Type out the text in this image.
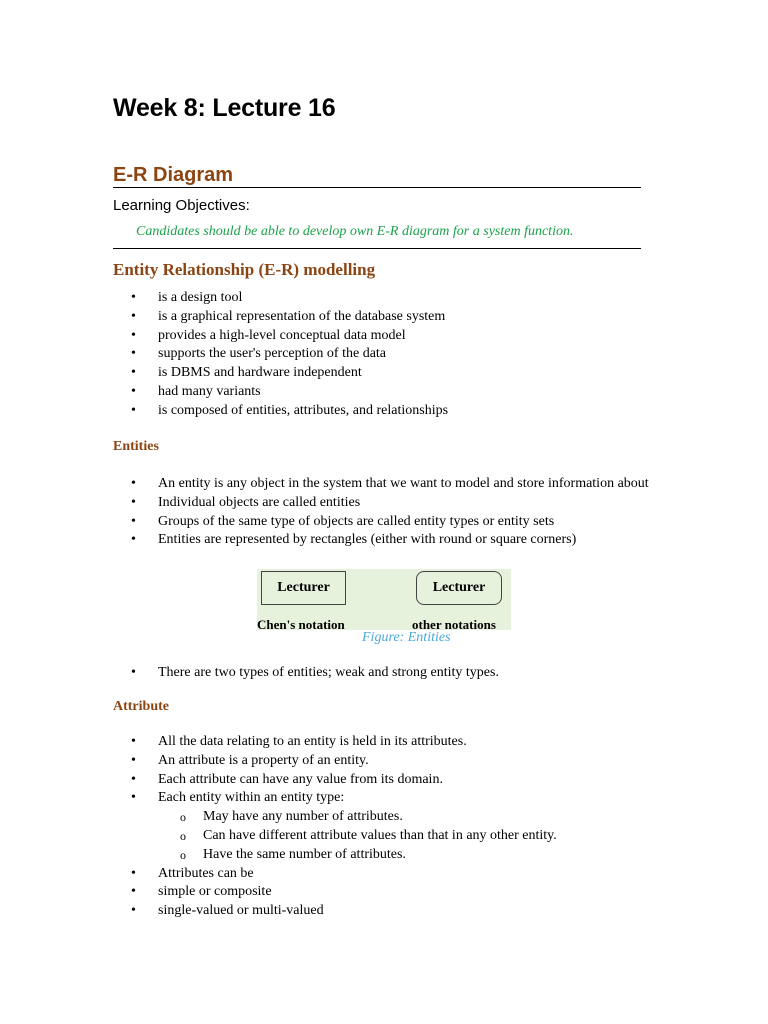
Week 8: Lecture 16
E-R Diagram
Learning Objectives:
Candidates should be able to develop own E-R diagram for a system function.
Entity Relationship (E-R) modelling
• is a design tool
• is a graphical representation of the database system
• provides a high-level conceptual data model
• supports the user's perception of the data
• is DBMS and hardware independent
• had many variants
• is composed of entities, attributes, and relationships
Entities
• An entity is any object in the system that we want to model and store information about
• Individual objects are called entities
• Groups of the same type of objects are called entity types or entity sets
• Entities are represented by rectangles (either with round or square corners)
Lecturer	Lecturer
Chen's notation	other notations
Figure: Entities
• There are two types of entities; weak and strong entity types.
Attribute
• All the data relating to an entity is held in its attributes.
• An attribute is a property of an entity.
• Each attribute can have any value from its domain.
• Each entity within an entity type:
o May have any number of attributes.
o Can have different attribute values than that in any other entity.
o Have the same number of attributes.
• Attributes can be
• simple or composite
• single-valued or multi-valued
